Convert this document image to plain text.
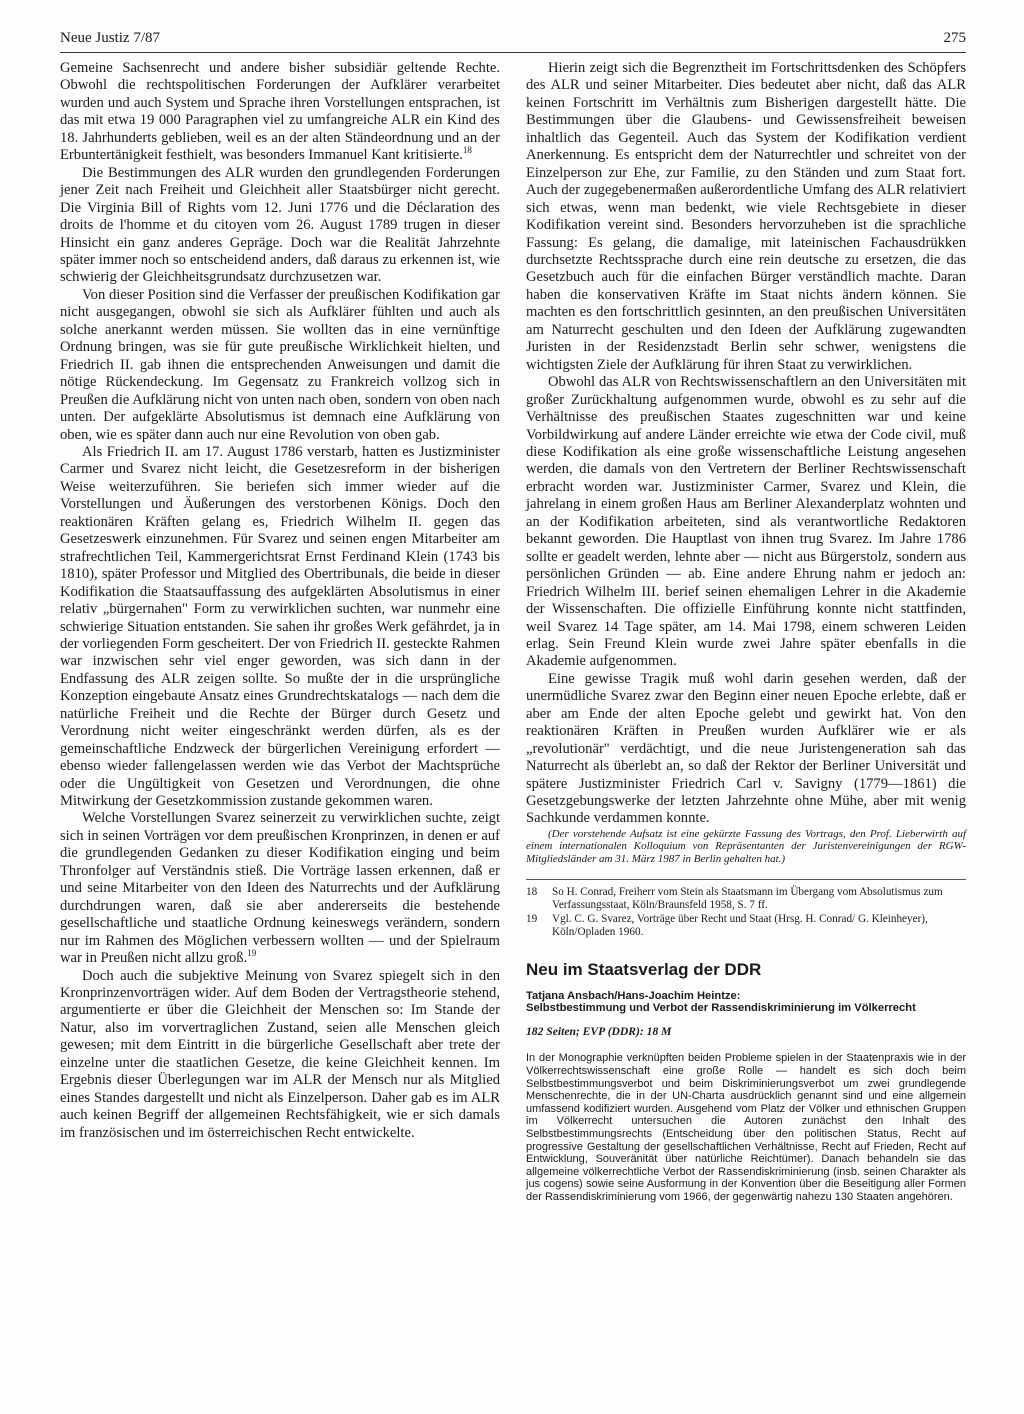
Neue Justiz 7/87	275

Gemeine Sachsenrecht und andere bisher subsidiär geltende Rechte. Obwohl die rechtspolitischen Forderungen der Aufklärer verarbeitet wurden und auch System und Sprache ihren Vorstellungen entsprachen, ist das mit etwa 19 000 Paragraphen viel zu umfangreiche ALR ein Kind des 18. Jahrhunderts geblieben, weil es an der alten Ständeordnung und an der Erbuntertänigkeit festhielt, was besonders Immanuel Kant kritisierte.$^{18}$

Die Bestimmungen des ALR wurden den grundlegenden Forderungen jener Zeit nach Freiheit und Gleichheit aller Staatsbürger nicht gerecht. Die Virginia Bill of Rights vom 12. Juni 1776 und die Déclaration des droits de l'homme et du citoyen vom 26. August 1789 trugen in dieser Hinsicht ein ganz anderes Gepräge. Doch war die Realität Jahrzehnte später immer noch so entscheidend anders, daß daraus zu erkennen ist, wie schwierig der Gleichheitsgrundsatz durchzusetzen war.

Von dieser Position sind die Verfasser der preußischen Kodifikation gar nicht ausgegangen, obwohl sie sich als Aufklärer fühlten und auch als solche anerkannt werden müssen. Sie wollten das in eine vernünftige Ordnung bringen, was sie für gute preußische Wirklichkeit hielten, und Friedrich II. gab ihnen die entsprechenden Anweisungen und damit die nötige Rückendeckung. Im Gegensatz zu Frankreich vollzog sich in Preußen die Aufklärung nicht von unten nach oben, sondern von oben nach unten. Der aufgeklärte Absolutismus ist demnach eine Aufklärung von oben, wie es später dann auch nur eine Revolution von oben gab.

Als Friedrich II. am 17. August 1786 verstarb, hatten es Justizminister Carmer und Svarez nicht leicht, die Gesetzesreform in der bisherigen Weise weiterzuführen. Sie beriefen sich immer wieder auf die Vorstellungen und Äußerungen des verstorbenen Königs. Doch den reaktionären Kräften gelang es, Friedrich Wilhelm II. gegen das Gesetzeswerk einzunehmen. Für Svarez und seinen engen Mitarbeiter am strafrechtlichen Teil, Kammergerichtsrat Ernst Ferdinand Klein (1743 bis 1810), später Professor und Mitglied des Obertribunals, die beide in dieser Kodifikation die Staatsauffassung des aufgeklärten Absolutismus in einer relativ „bürgernahen" Form zu verwirklichen suchten, war nunmehr eine schwierige Situation entstanden. Sie sahen ihr großes Werk gefährdet, ja in der vorliegenden Form gescheitert. Der von Friedrich II. gesteckte Rahmen war inzwischen sehr viel enger geworden, was sich dann in der Endfassung des ALR zeigen sollte. So mußte der in die ursprüngliche Konzeption eingebaute Ansatz eines Grundrechtskatalogs — nach dem die natürliche Freiheit und die Rechte der Bürger durch Gesetz und Verordnung nicht weiter eingeschränkt werden dürfen, als es der gemeinschaftliche Endzweck der bürgerlichen Vereinigung erfordert — ebenso wieder fallengelassen werden wie das Verbot der Machtsprüche oder die Ungültigkeit von Gesetzen und Verordnungen, die ohne Mitwirkung der Gesetzkommission zustande gekommen waren.

Welche Vorstellungen Svarez seinerzeit zu verwirklichen suchte, zeigt sich in seinen Vorträgen vor dem preußischen Kronprinzen, in denen er auf die grundlegenden Gedanken zu dieser Kodifikation einging und beim Thronfolger auf Verständnis stieß. Die Vorträge lassen erkennen, daß er und seine Mitarbeiter von den Ideen des Naturrechts und der Aufklärung durchdrungen waren, daß sie aber andererseits die bestehende gesellschaftliche und staatliche Ordnung keineswegs verändern, sondern nur im Rahmen des Möglichen verbessern wollten — und der Spielraum war in Preußen nicht allzu groß.$^{19}$

Doch auch die subjektive Meinung von Svarez spiegelt sich in den Kronprinzenvorträgen wider. Auf dem Boden der Vertragstheorie stehend, argumentierte er über die Gleichheit der Menschen so: Im Stande der Natur, also im vorvertraglichen Zustand, seien alle Menschen gleich gewesen; mit dem Eintritt in die bürgerliche Gesellschaft aber trete der einzelne unter die staatlichen Gesetze, die keine Gleichheit kennen. Im Ergebnis dieser Überlegungen war im ALR der Mensch nur als Mitglied eines Standes dargestellt und nicht als Einzelperson. Daher gab es im ALR auch keinen Begriff der allgemeinen Rechtsfähigkeit, wie er sich damals im französischen und im österreichischen Recht entwickelte.

Hierin zeigt sich die Begrenztheit im Fortschrittsdenken des Schöpfers des ALR und seiner Mitarbeiter. Dies bedeutet aber nicht, daß das ALR keinen Fortschritt im Verhältnis zum Bisherigen dargestellt hätte. Die Bestimmungen über die Glaubens- und Gewissensfreiheit beweisen inhaltlich das Gegenteil. Auch das System der Kodifikation verdient Anerkennung. Es entspricht dem der Naturrechtler und schreitet von der Einzelperson zur Ehe, zur Familie, zu den Ständen und zum Staat fort. Auch der zugegebenermaßen außerordentliche Umfang des ALR relativiert sich etwas, wenn man bedenkt, wie viele Rechtsgebiete in dieser Kodifikation vereint sind. Besonders hervorzuheben ist die sprachliche Fassung: Es gelang, die damalige, mit lateinischen Fachausdrükken durchsetzte Rechtssprache durch eine rein deutsche zu ersetzen, die das Gesetzbuch auch für die einfachen Bürger verständlich machte. Daran haben die konservativen Kräfte im Staat nichts ändern können. Sie machten es den fortschrittlich gesinnten, an den preußischen Universitäten am Naturrecht geschulten und den Ideen der Aufklärung zugewandten Juristen in der Residenzstadt Berlin sehr schwer, wenigstens die wichtigsten Ziele der Aufklärung für ihren Staat zu verwirklichen.

Obwohl das ALR von Rechtswissenschaftlern an den Universitäten mit großer Zurückhaltung aufgenommen wurde, obwohl es zu sehr auf die Verhältnisse des preußischen Staates zugeschnitten war und keine Vorbildwirkung auf andere Länder erreichte wie etwa der Code civil, muß diese Kodifikation als eine große wissenschaftliche Leistung angesehen werden, die damals von den Vertretern der Berliner Rechtswissenschaft erbracht worden war. Justizminister Carmer, Svarez und Klein, die jahrelang in einem großen Haus am Berliner Alexanderplatz wohnten und an der Kodifikation arbeiteten, sind als verantwortliche Redaktoren bekannt geworden. Die Hauptlast von ihnen trug Svarez. Im Jahre 1786 sollte er geadelt werden, lehnte aber — nicht aus Bürgerstolz, sondern aus persönlichen Gründen — ab. Eine andere Ehrung nahm er jedoch an: Friedrich Wilhelm III. berief seinen ehemaligen Lehrer in die Akademie der Wissenschaften. Die offizielle Einführung konnte nicht stattfinden, weil Svarez 14 Tage später, am 14. Mai 1798, einem schweren Leiden erlag. Sein Freund Klein wurde zwei Jahre später ebenfalls in die Akademie aufgenommen.

Eine gewisse Tragik muß wohl darin gesehen werden, daß der unermüdliche Svarez zwar den Beginn einer neuen Epoche erlebte, daß er aber am Ende der alten Epoche gelebt und gewirkt hat. Von den reaktionären Kräften in Preußen wurden Aufklärer wie er als „revolutionär" verdächtigt, und die neue Juristengeneration sah das Naturrecht als überlebt an, so daß der Rektor der Berliner Universität und spätere Justizminister Friedrich Carl v. Savigny (1779—1861) die Gesetzgebungswerke der letzten Jahrzehnte ohne Mühe, aber mit wenig Sachkunde verdammen konnte.

(Der vorstehende Aufsatz ist eine gekürzte Fassung des Vortrags, den Prof. Lieberwirth auf einem internationalen Kolloquium von Repräsentanten der Juristenvereinigungen der RGW-Mitgliedsländer am 31. März 1987 in Berlin gehalten hat.)

18	So H. Conrad, Freiherr vom Stein als Staatsmann im Übergang vom Absolutismus zum Verfassungsstaat, Köln/Braunsfeld 1958, S. 7 ff.
19	Vgl. C. G. Svarez, Vorträge über Recht und Staat (Hrsg. H. Conrad/ G. Kleinheyer), Köln/Opladen 1960.
Neu im Staatsverlag der DDR
Tatjana Ansbach/Hans-Joachim Heintze:
Selbstbestimmung und Verbot der Rassendiskriminierung im Völkerrecht
182 Seiten; EVP (DDR): 18 M

In der Monographie verknüpften beiden Probleme spielen in der Staatenpraxis wie in der Völkerrechtswissenschaft eine große Rolle — handelt es sich doch beim Selbstbestimmungsverbot und beim Diskriminierungsverbot um zwei grundlegende Menschenrechte, die in der UN-Charta ausdrücklich genannt sind und eine allgemein umfassend kodifiziert wurden. Ausgehend vom Platz der Völker und ethnischen Gruppen im Völkerrecht untersuchen die Autoren zunächst den Inhalt des Selbstbestimmungsrechts (Entscheidung über den politischen Status, Recht auf progressive Gestaltung der gesellschaftlichen Verhältnisse, Recht auf Frieden, Recht auf Entwicklung, Souveränität über natürliche Reichtümer). Danach behandeln sie das allgemeine völkerrechtliche Verbot der Rassendiskriminierung (insb. seinen Charakter als jus cogens) sowie seine Ausformung in der Konvention über die Beseitigung aller Formen der Rassendiskriminierung vom 1966, der gegenwärtig nahezu 130 Staaten angehören.
